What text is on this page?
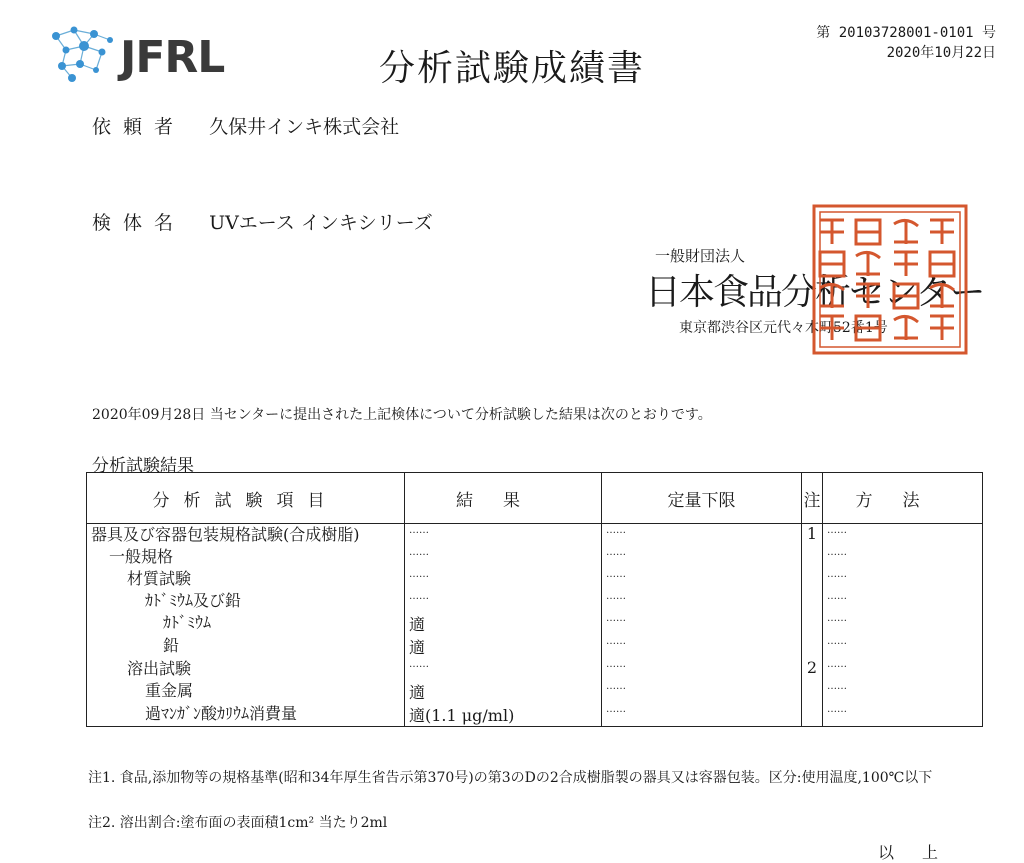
第 20103728001-0101 号
2020年10月22日
JFRL	分析試験成績書
依頼者 久保井インキ株式会社
検体名 UVエース インキシリーズ
一般財団法人
日本食品分析センター
東京都渋谷区元代々木町52番1号
2020年09月28日 当センターに提出された上記検体について分析試験した結果は次のとおりです。
分析試験結果
分析試験項目	結果	定量下限	注	方法
器具及び容器包装規格試験(合成樹脂)	……	……	1	……
一般規格	……	……		……
材質試験	……	……		……
ｶﾄﾞﾐｳﾑ及び鉛	……	……		……
ｶﾄﾞﾐｳﾑ	適	……		……
鉛	適	……		……
溶出試験	……	……	2	……
重金属	適	……		……
過ﾏﾝｶﾞﾝ酸ｶﾘｳﾑ消費量	適(1.1 μg/ml)	……		……
注1. 食品,添加物等の規格基準(昭和34年厚生省告示第370号)の第3のDの2合成樹脂製の器具又は容器包装。区分:使用温度,100℃以下
注2. 溶出割合:塗布面の表面積1cm² 当たり2ml
以上
